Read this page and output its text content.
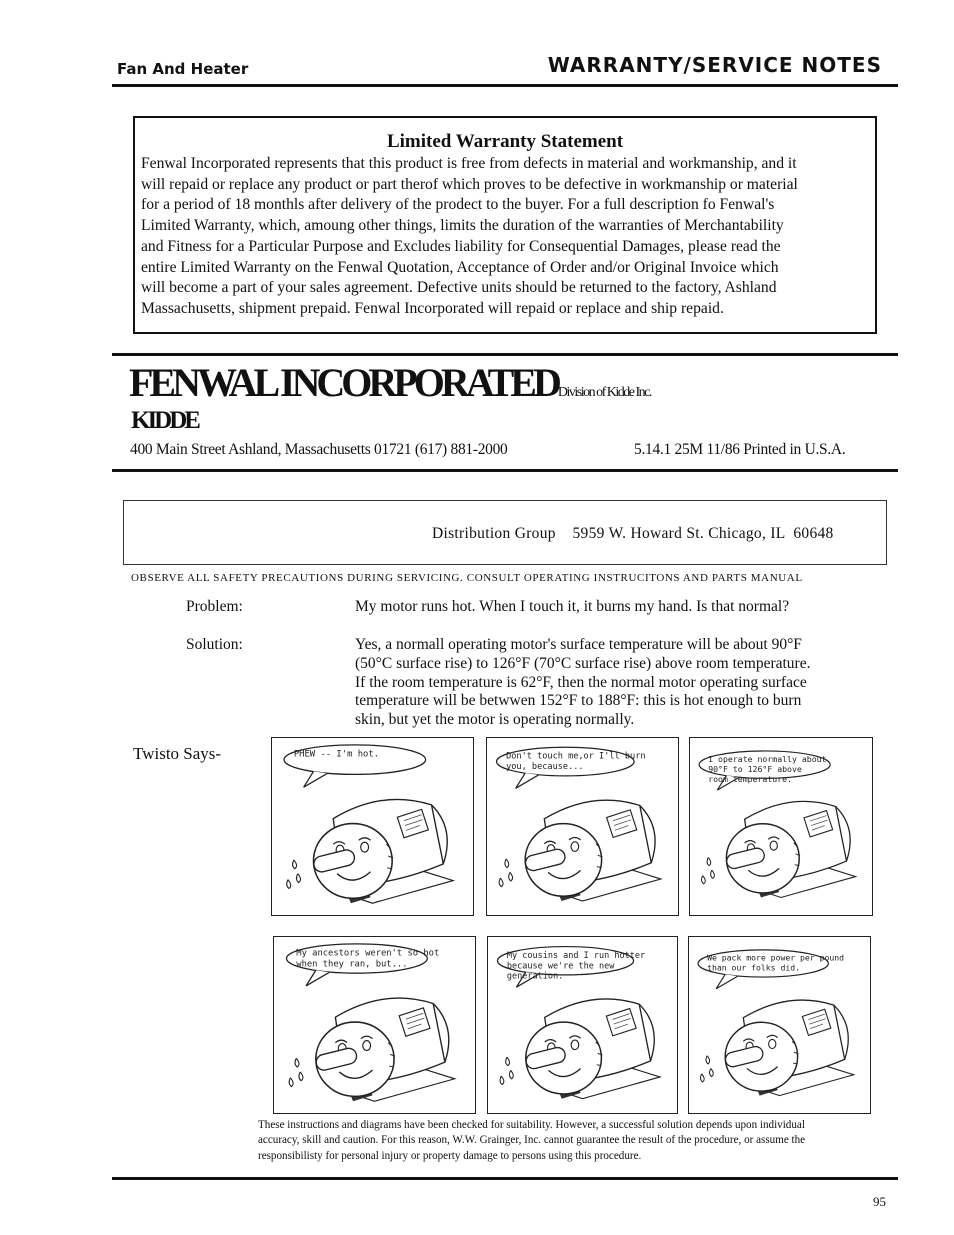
Fan And Heater	WARRANTY/SERVICE NOTES
Limited Warranty Statement
Fenwal Incorporated represents that this product is free from defects in material and workmanship, and it
will repaid or replace any product or part therof which proves to be defective in workmanship or material
for a period of 18 monthls after delivery of the prodect to the buyer. For a full description fo Fenwal's
Limited Warranty, which, amoung other things, limits the duration of the warranties of Merchantability
and Fitness for a Particular Purpose and Excludes liability for Consequential Damages, please read the
entire Limited Warranty on the Fenwal Quotation, Acceptance of Order and/or Original Invoice which
will become a part of your sales agreement. Defective units should be returned to the factory, Ashland
Massachusetts, shipment prepaid. Fenwal Incorporated will repaid or replace and ship repaid.
FENWAL INCORPORATEDDivision of Kidde Inc.
KIDDE
400 Main Street Ashland, Massachusetts 01721 (617) 881-2000	5.14.1 25M 11/86 Printed in U.S.A.
Distribution Group    5959 W. Howard St. Chicago, IL  60648
OBSERVE ALL SAFETY PRECAUTIONS DURING SERVICING. CONSULT OPERATING INSTRUCITONS AND PARTS MANUAL
Problem:	My motor runs hot. When I touch it, it burns my hand. Is that normal?
Solution:	Yes, a normall operating motor's surface temperature will be about 90°F
(50°C surface rise) to 126°F (70°C surface rise) above room temperature.
If the room temperature is 62°F, then the normal motor operating surface
temperature will be betwwen 152°F to 188°F: this is hot enough to burn
skin, but yet the motor is operating normally.
Twisto Says-	PHEW -- I'm hot.	Don't touch me,or I'll burn
you, because...
I operate normally about
90°F to 126°F above
room temperature.
My ancestors weren't so hot
when they ran, but...
My cousins and I run hotter
because we're the new
generation.
We pack more power per pound
than our folks did.
These instructions and diagrams have been checked for suitability. However, a successful solution depends upon individual
accuracy, skill and caution. For this reason, W.W. Grainger, Inc. cannot guarantee the result of the procedure, or assume the
responsibilisty for personal injury or property damage to persons using this procedure.
95
